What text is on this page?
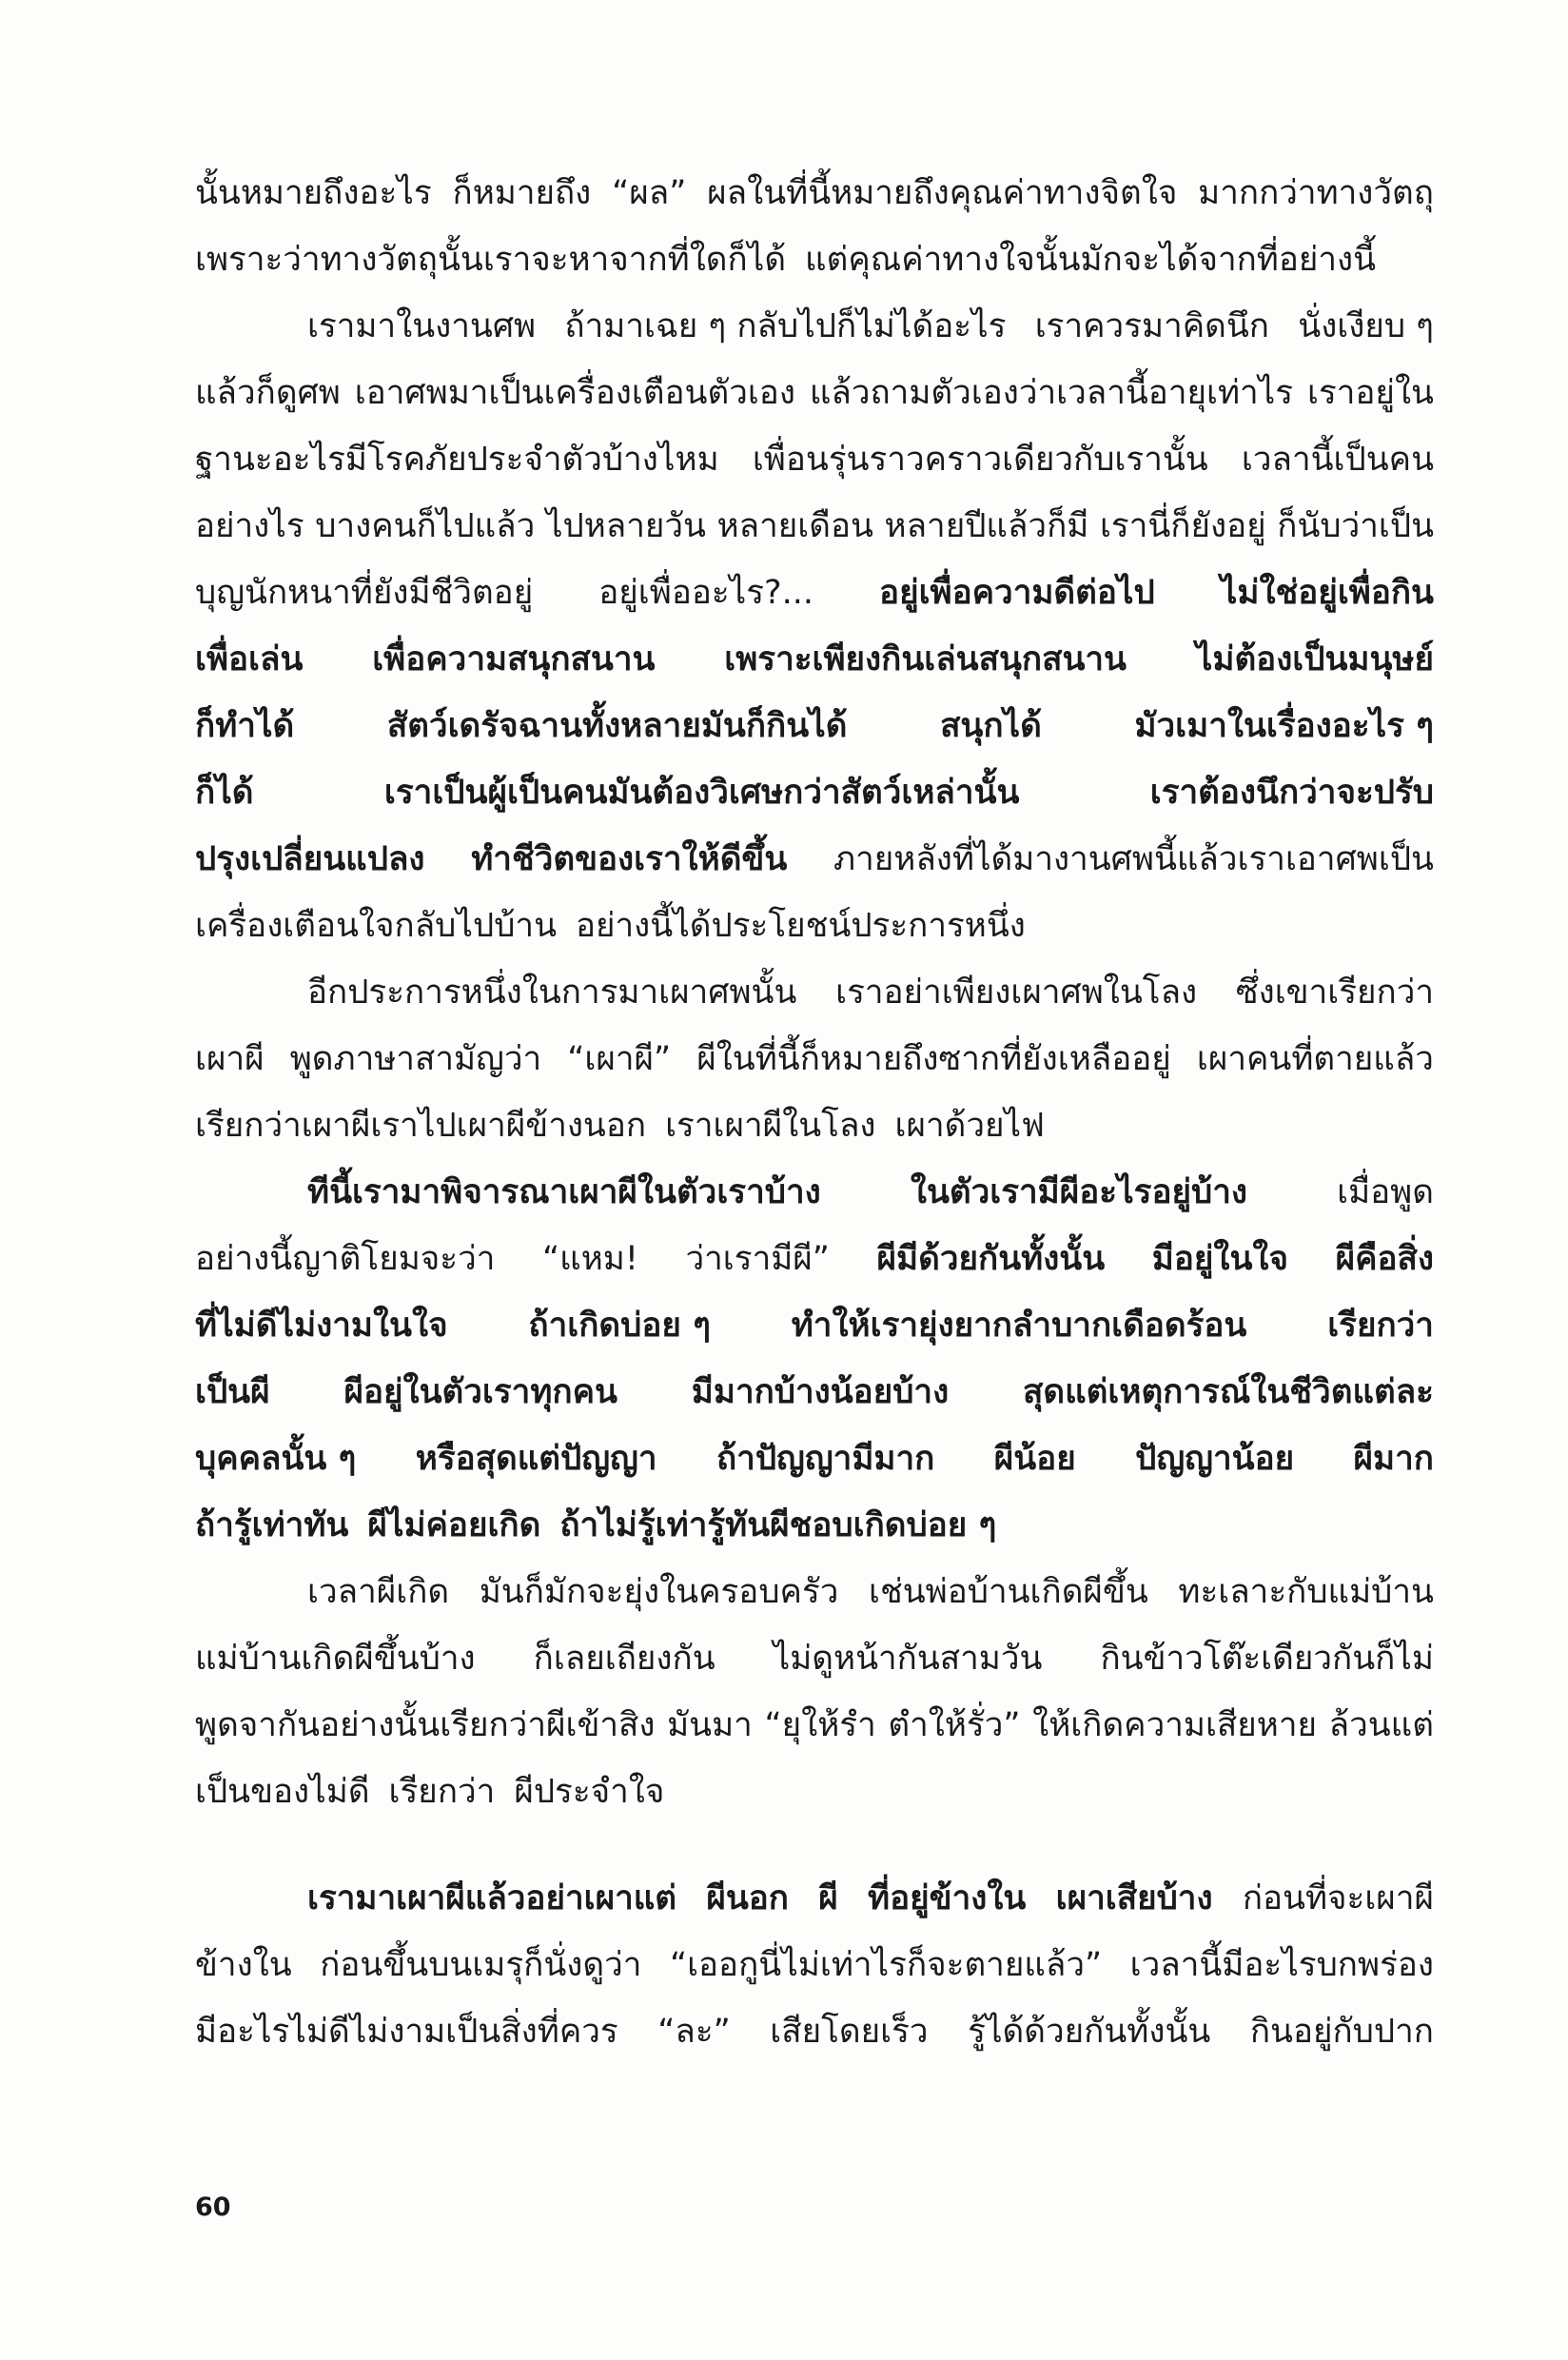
นั้นหมายถึงอะไร ก็หมายถึง “ผล” ผลในที่นี้หมายถึงคุณค่าทางจิตใจ มากกว่าทางวัตถุ
เพราะว่าทางวัตถุนั้นเราจะหาจากที่ใดก็ได้ แต่คุณค่าทางใจนั้นมักจะได้จากที่อย่างนี้
เรามาในงานศพ ถ้ามาเฉย ๆ กลับไปก็ไม่ได้อะไร เราควรมาคิดนึก นั่งเงียบ ๆ
แล้วก็ดูศพ เอาศพมาเป็นเครื่องเตือนตัวเอง แล้วถามตัวเองว่าเวลานี้อายุเท่าไร เราอยู่ใน
ฐานะอะไรมีโรคภัยประจำตัวบ้างไหม เพื่อนรุ่นราวคราวเดียวกับเรานั้น เวลานี้เป็นคน
อย่างไร บางคนก็ไปแล้ว ไปหลายวัน หลายเดือน หลายปีแล้วก็มี เรานี่ก็ยังอยู่ ก็นับว่าเป็น
บุญนักหนาที่ยังมีชีวิตอยู่ อยู่เพื่ออะไร?... อยู่เพื่อความดีต่อไป ไม่ใช่อยู่เพื่อกิน
เพื่อเล่น เพื่อความสนุกสนาน เพราะเพียงกินเล่นสนุกสนาน ไม่ต้องเป็นมนุษย์
ก็ทำได้	สัตว์เดรัจฉานทั้งหลายมันก็กินได้	สนุกได้	มัวเมาในเรื่องอะไร ๆ
ก็ได้	เราเป็นผู้เป็นคนมันต้องวิเศษกว่าสัตว์เหล่านั้น	เราต้องนึกว่าจะปรับ
ปรุงเปลี่ยนแปลง ทำชีวิตของเราให้ดีขึ้น ภายหลังที่ได้มางานศพนี้แล้วเราเอาศพเป็น
เครื่องเตือนใจกลับไปบ้าน อย่างนี้ได้ประโยชน์ประการหนึ่ง
อีกประการหนึ่งในการมาเผาศพนั้น เราอย่าเพียงเผาศพในโลง ซึ่งเขาเรียกว่า
เผาผี พูดภาษาสามัญว่า “เผาผี” ผีในที่นี้ก็หมายถึงซากที่ยังเหลืออยู่ เผาคนที่ตายแล้ว
เรียกว่าเผาผีเราไปเผาผีข้างนอก เราเผาผีในโลง เผาด้วยไฟ
ทีนี้เรามาพิจารณาเผาผีในตัวเราบ้าง	ในตัวเรามีผีอะไรอยู่บ้าง	เมื่อพูด
อย่างนี้ญาติโยมจะว่า “แหม! ว่าเรามีผี” ผีมีด้วยกันทั้งนั้น มีอยู่ในใจ ผีคือสิ่ง
ที่ไม่ดีไม่งามในใจ ถ้าเกิดบ่อย ๆ ทำให้เรายุ่งยากลำบากเดือดร้อน เรียกว่า
เป็นผี ผีอยู่ในตัวเราทุกคน มีมากบ้างน้อยบ้าง สุดแต่เหตุการณ์ในชีวิตแต่ละ
บุคคลนั้น ๆ หรือสุดแต่ปัญญา ถ้าปัญญามีมาก ผีน้อย ปัญญาน้อย ผีมาก
ถ้ารู้เท่าทัน ผีไม่ค่อยเกิด ถ้าไม่รู้เท่ารู้ทันผีชอบเกิดบ่อย ๆ
เวลาผีเกิด มันก็มักจะยุ่งในครอบครัว เช่นพ่อบ้านเกิดผีขึ้น ทะเลาะกับแม่บ้าน
แม่บ้านเกิดผีขึ้นบ้าง ก็เลยเถียงกัน ไม่ดูหน้ากันสามวัน กินข้าวโต๊ะเดียวกันก็ไม่
พูดจากันอย่างนั้นเรียกว่าผีเข้าสิง มันมา “ยุให้รำ ตำให้รั่ว” ให้เกิดความเสียหาย ล้วนแต่
เป็นของไม่ดี เรียกว่า ผีประจำใจ
เรามาเผาผีแล้วอย่าเผาแต่ ผีนอก ผี ที่อยู่ข้างใน เผาเสียบ้าง ก่อนที่จะเผาผี
ข้างใน ก่อนขึ้นบนเมรุก็นั่งดูว่า “เออกูนี่ไม่เท่าไรก็จะตายแล้ว” เวลานี้มีอะไรบกพร่อง
มีอะไรไม่ดีไม่งามเป็นสิ่งที่ควร “ละ” เสียโดยเร็ว รู้ได้ด้วยกันทั้งนั้น กินอยู่กับปาก
60
